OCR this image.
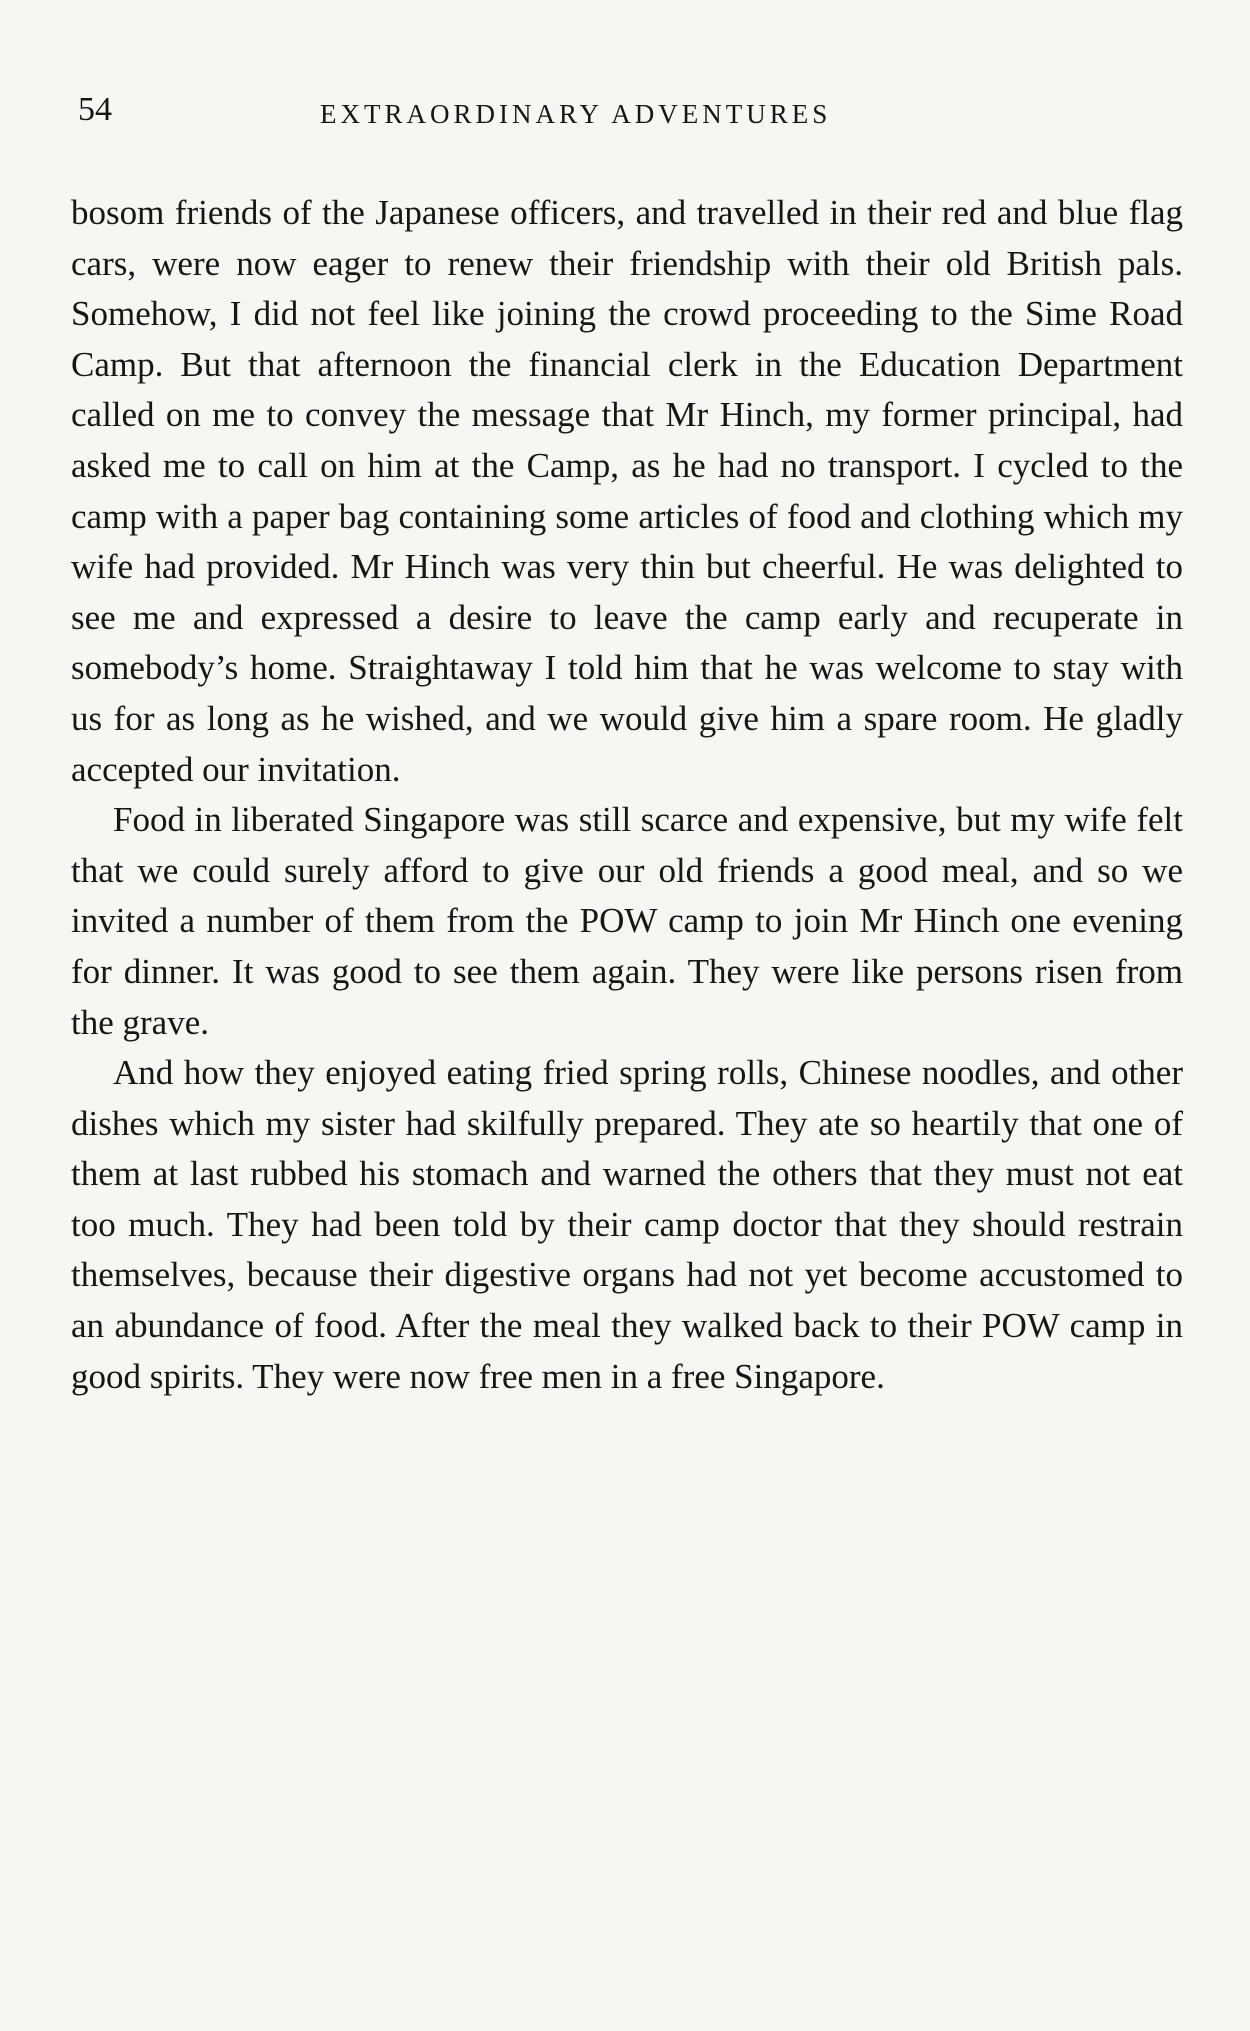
54	EXTRAORDINARY ADVENTURES

bosom friends of the Japanese officers, and travelled in their red and blue flag cars, were now eager to renew their friendship with their old British pals. Somehow, I did not feel like joining the crowd proceeding to the Sime Road Camp. But that afternoon the financial clerk in the Education Department called on me to convey the message that Mr Hinch, my former principal, had asked me to call on him at the Camp, as he had no transport. I cycled to the camp with a paper bag containing some articles of food and clothing which my wife had provided. Mr Hinch was very thin but cheerful. He was delighted to see me and expressed a desire to leave the camp early and recuperate in somebody’s home. Straightaway I told him that he was welcome to stay with us for as long as he wished, and we would give him a spare room. He gladly accepted our invitation.

Food in liberated Singapore was still scarce and expensive, but my wife felt that we could surely afford to give our old friends a good meal, and so we invited a number of them from the POW camp to join Mr Hinch one evening for dinner. It was good to see them again. They were like persons risen from the grave.

And how they enjoyed eating fried spring rolls, Chinese noodles, and other dishes which my sister had skilfully prepared. They ate so heartily that one of them at last rubbed his stomach and warned the others that they must not eat too much. They had been told by their camp doctor that they should restrain themselves, because their digestive organs had not yet become accustomed to an abundance of food. After the meal they walked back to their POW camp in good spirits. They were now free men in a free Singapore.
